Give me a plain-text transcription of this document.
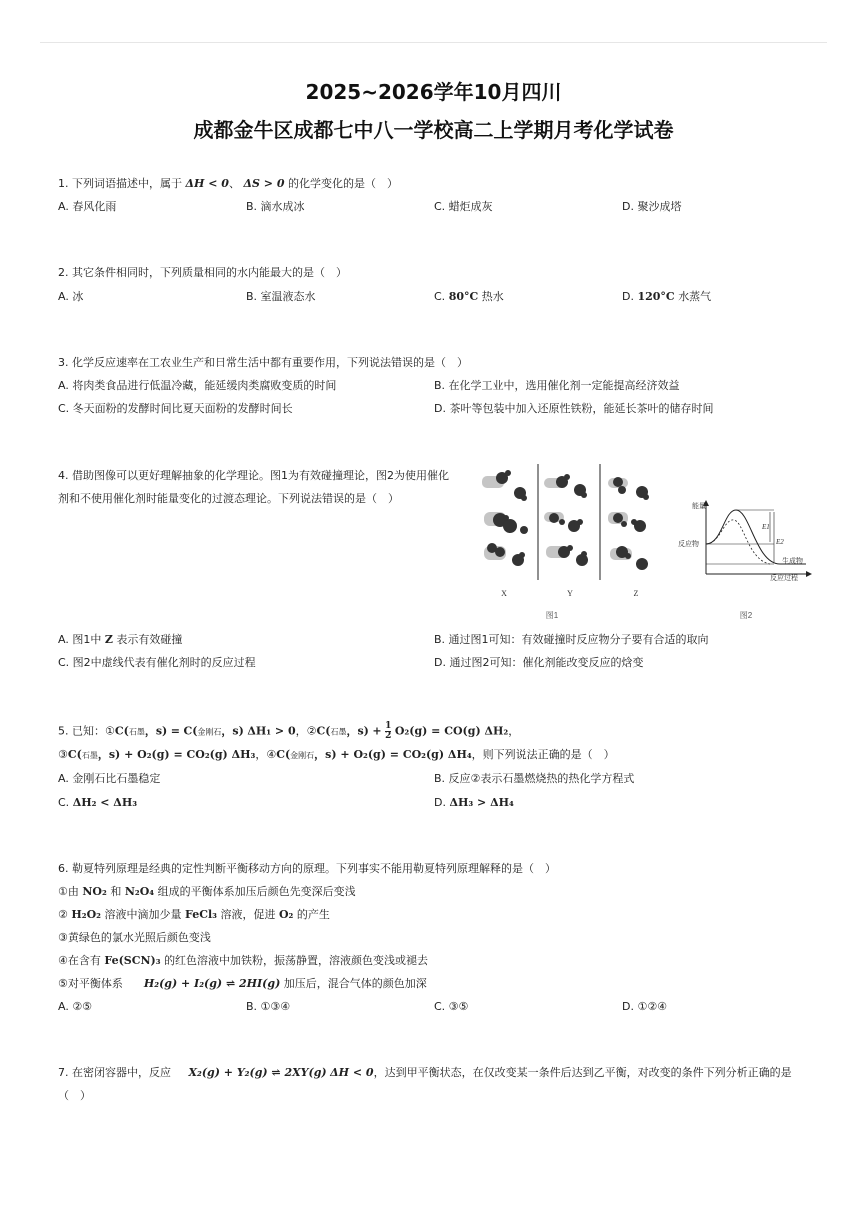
2025~2026学年10月四川
成都金牛区成都七中八一学校高二上学期月考化学试卷
1. 下列词语描述中，属于 ΔH < 0、 ΔS > 0 的化学变化的是（　）
A. 春风化雨	B. 滴水成冰	C. 蜡炬成灰	D. 聚沙成塔
2. 其它条件相同时，下列质量相同的水内能最大的是（　）
A. 冰	B. 室温液态水	C. 80°C 热水	D. 120°C 水蒸气
3. 化学反应速率在工农业生产和日常生活中都有重要作用，下列说法错误的是（　）
A. 将肉类食品进行低温冷藏，能延缓肉类腐败变质的时间	B. 在化学工业中，选用催化剂一定能提高经济效益
C. 冬天面粉的发酵时间比夏天面粉的发酵时间长	D. 茶叶等包装中加入还原性铁粉，能延长茶叶的储存时间
4. 借助图像可以更好理解抽象的化学理论。图1为有效碰撞理论，图2为使用催化
剂和不使用催化剂时能量变化的过渡态理论。下列说法错误的是（　）
X	Y	Z
图1
能量
反应过程
反应物
生成物
E1
E2
图2
A. 图1中 Z 表示有效碰撞	B. 通过图1可知：有效碰撞时反应物分子要有合适的取向
C. 图2中虚线代表有催化剂时的反应过程	D. 通过图2可知：催化剂能改变反应的焓变
5. 已知：①C(石墨，s) = C(金刚石，s) ΔH₁ > 0，②C(石墨，$s) + \frac{1}{2} O_2(g) = CO(g)$ ΔH₂，
③C(石墨，s) + O₂(g) = CO₂(g) ΔH₃，④C(金刚石，s) + O₂(g) = CO₂(g) ΔH₄，则下列说法正确的是（　）
A. 金刚石比石墨稳定	B. 反应②表示石墨燃烧热的热化学方程式
C. ΔH₂ < ΔH₃	D. ΔH₃ > ΔH₄
6. 勒夏特列原理是经典的定性判断平衡移动方向的原理。下列事实不能用勒夏特列原理解释的是（　）
①由 NO₂ 和 N₂O₄ 组成的平衡体系加压后颜色先变深后变浅
② H₂O₂ 溶液中滴加少量 FeCl₃ 溶液，促进 O₂ 的产生
③黄绿色的氯水光照后颜色变浅
④在含有 Fe(SCN)₃ 的红色溶液中加铁粉，振荡静置，溶液颜色变浅或褪去
⑤对平衡体系 H₂(g) + I₂(g) ⇌ 2HI(g) 加压后，混合气体的颜色加深
A. ②⑤	B. ①③④	C. ③⑤	D. ①②④
7. 在密闭容器中，反应 X₂(g) + Y₂(g) ⇌ 2XY(g) ΔH < 0，达到甲平衡状态，在仅改变某一条件后达到乙平衡，对改变的条件下列分析正确的是
（　）
